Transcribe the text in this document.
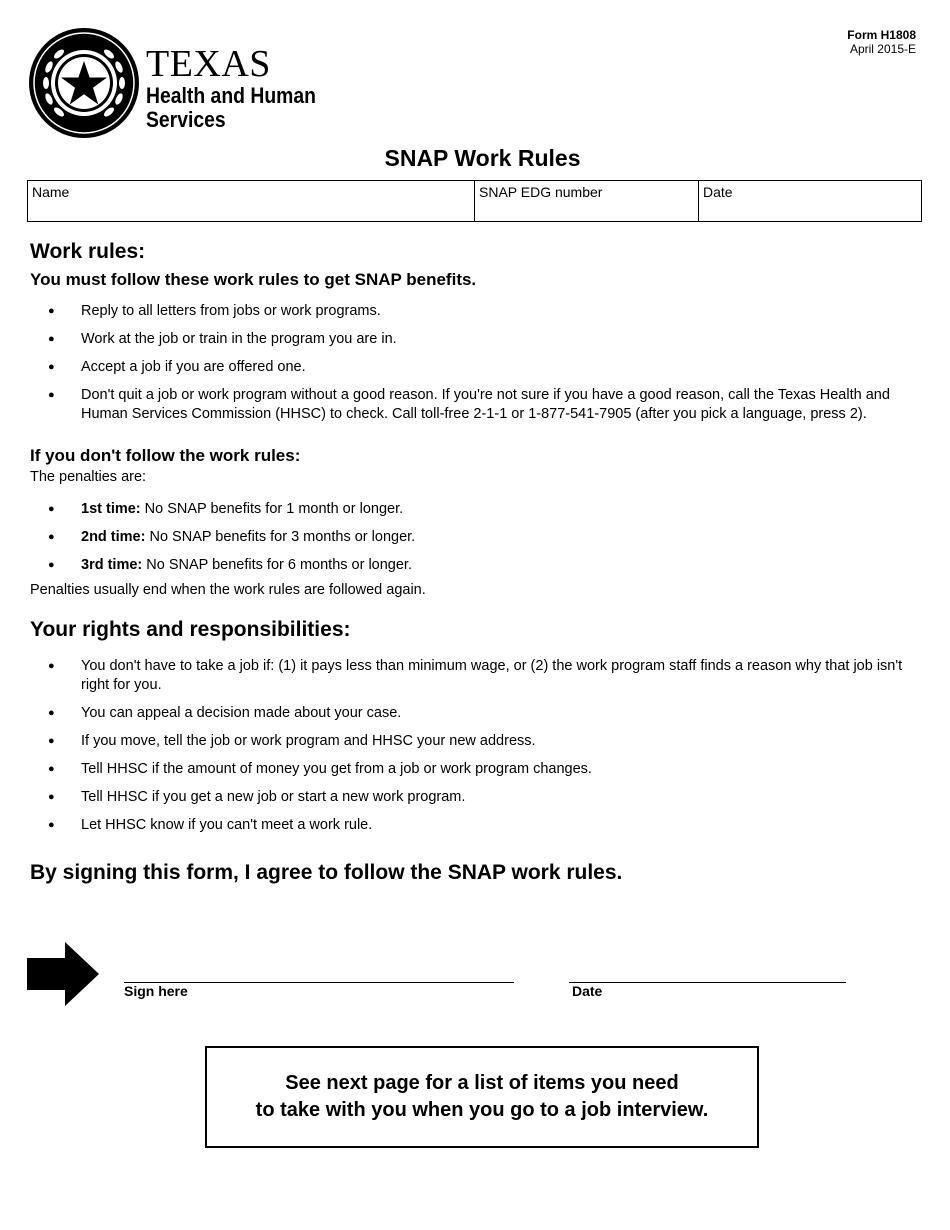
TEXAS
Health and Human
Services
Form H1808
April 2015-E
SNAP Work Rules
Name	SNAP EDG number	Date
Work rules:
You must follow these work rules to get SNAP benefits.
● Reply to all letters from jobs or work programs.
● Work at the job or train in the program you are in.
● Accept a job if you are offered one.
● Don't quit a job or work program without a good reason. If you're not sure if you have a good reason, call the Texas Health and Human Services Commission (HHSC) to check. Call toll-free 2-1-1 or 1-877-541-7905 (after you pick a language, press 2).
If you don't follow the work rules:

The penalties are:

● 1st time: No SNAP benefits for 1 month or longer.
● 2nd time: No SNAP benefits for 3 months or longer.
● 3rd time: No SNAP benefits for 6 months or longer.

Penalties usually end when the work rules are followed again.

Your rights and responsibilities:
● You don't have to take a job if: (1) it pays less than minimum wage, or (2) the work program staff finds a reason why that job isn't right for you.
● You can appeal a decision made about your case.
● If you move, tell the job or work program and HHSC your new address.
● Tell HHSC if the amount of money you get from a job or work program changes.
● Tell HHSC if you get a new job or start a new work program.
● Let HHSC know if you can't meet a work rule.
By signing this form, I agree to follow the SNAP work rules.
Sign here	Date
See next page for a list of items you need
to take with you when you go to a job interview.
